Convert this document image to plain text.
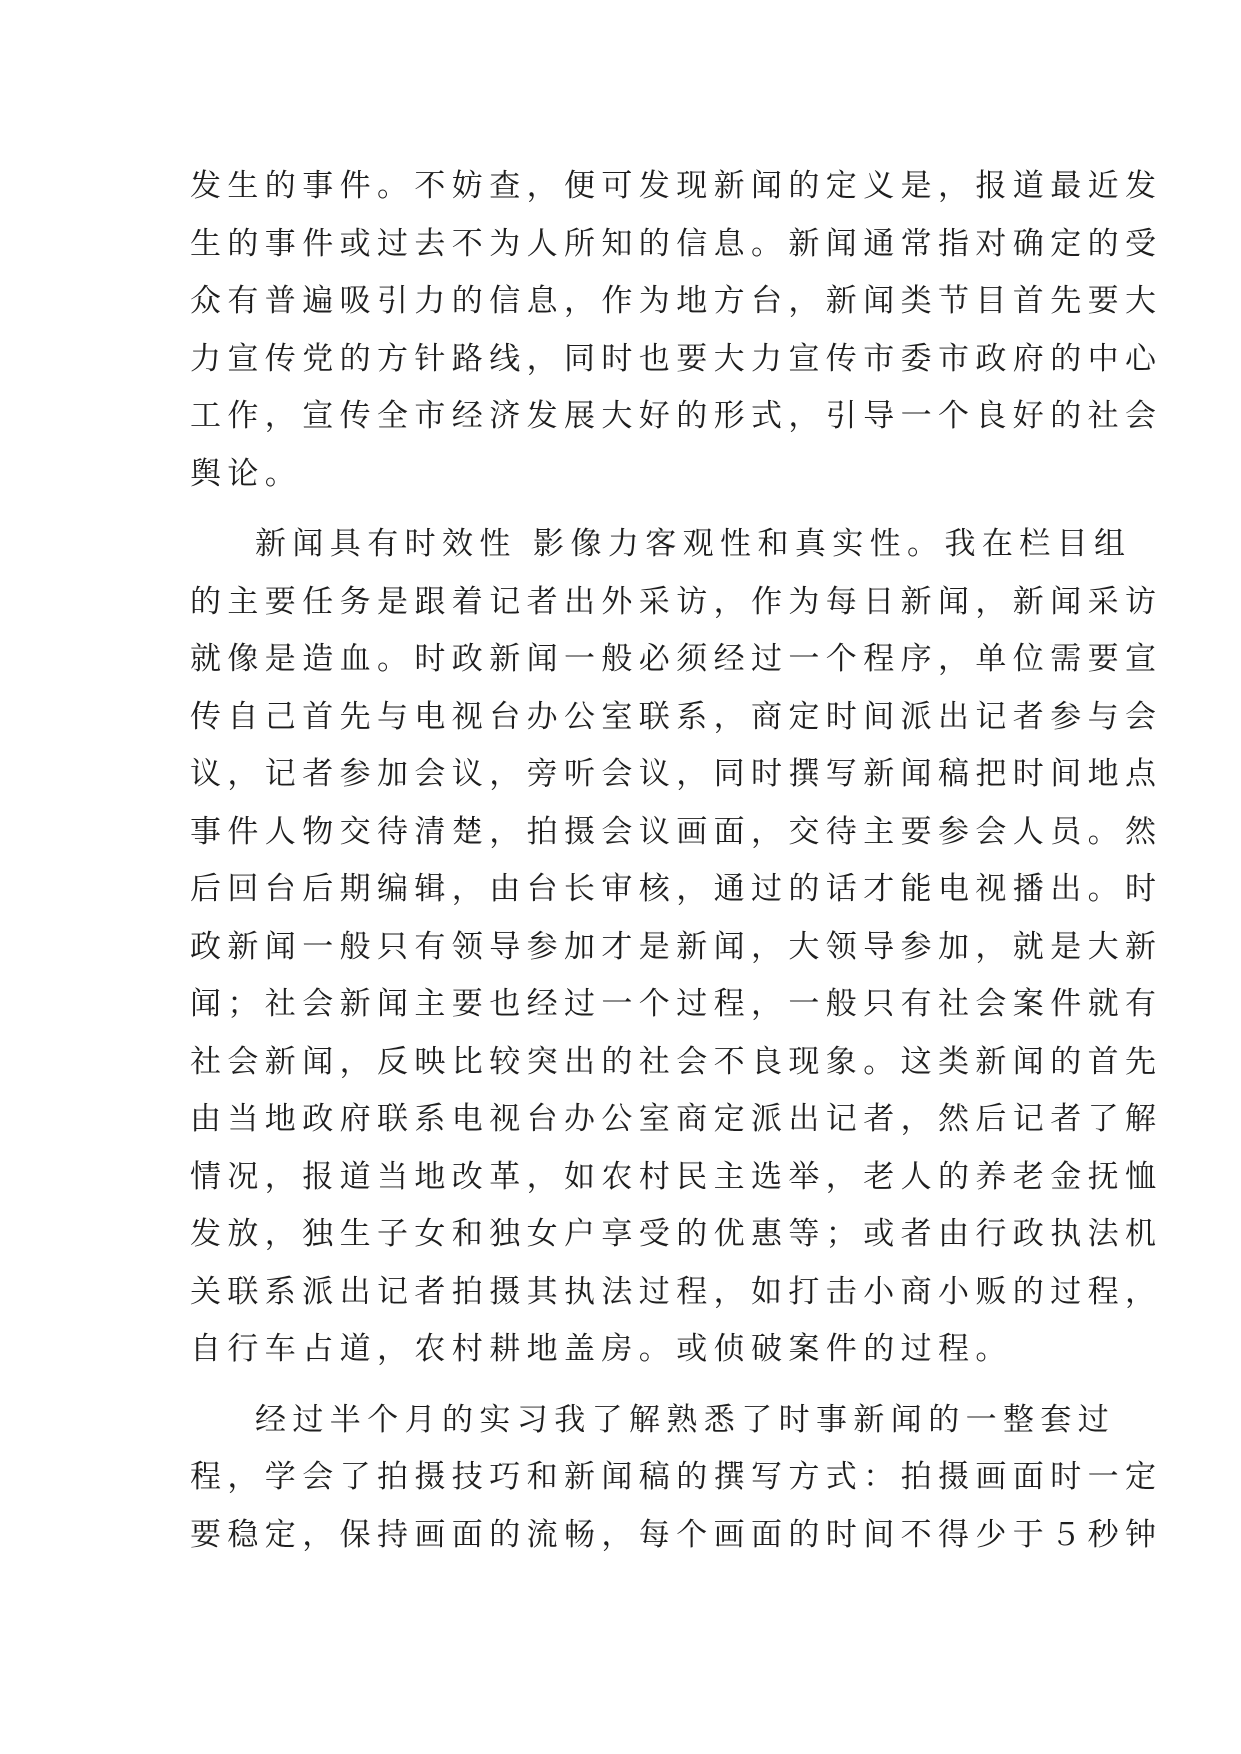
发生的事件。不妨查，便可发现新闻的定义是，报道最近发
生的事件或过去不为人所知的信息。新闻通常指对确定的受
众有普遍吸引力的信息，作为地方台，新闻类节目首先要大
力宣传党的方针路线，同时也要大力宣传市委市政府的中心
工作，宣传全市经济发展大好的形式，引导一个良好的社会
舆论。
新闻具有时效性 影像力客观性和真实性。我在栏目组
的主要任务是跟着记者出外采访，作为每日新闻，新闻采访
就像是造血。时政新闻一般必须经过一个程序，单位需要宣
传自己首先与电视台办公室联系，商定时间派出记者参与会
议，记者参加会议，旁听会议，同时撰写新闻稿把时间地点
事件人物交待清楚，拍摄会议画面，交待主要参会人员。然
后回台后期编辑，由台长审核，通过的话才能电视播出。时
政新闻一般只有领导参加才是新闻，大领导参加，就是大新
闻；社会新闻主要也经过一个过程，一般只有社会案件就有
社会新闻，反映比较突出的社会不良现象。这类新闻的首先
由当地政府联系电视台办公室商定派出记者，然后记者了解
情况，报道当地改革，如农村民主选举，老人的养老金抚恤
发放，独生子女和独女户享受的优惠等；或者由行政执法机
关联系派出记者拍摄其执法过程，如打击小商小贩的过程，
自行车占道，农村耕地盖房。或侦破案件的过程。
经过半个月的实习我了解熟悉了时事新闻的一整套过
程，学会了拍摄技巧和新闻稿的撰写方式：拍摄画面时一定
要稳定，保持画面的流畅，每个画面的时间不得少于５秒钟
